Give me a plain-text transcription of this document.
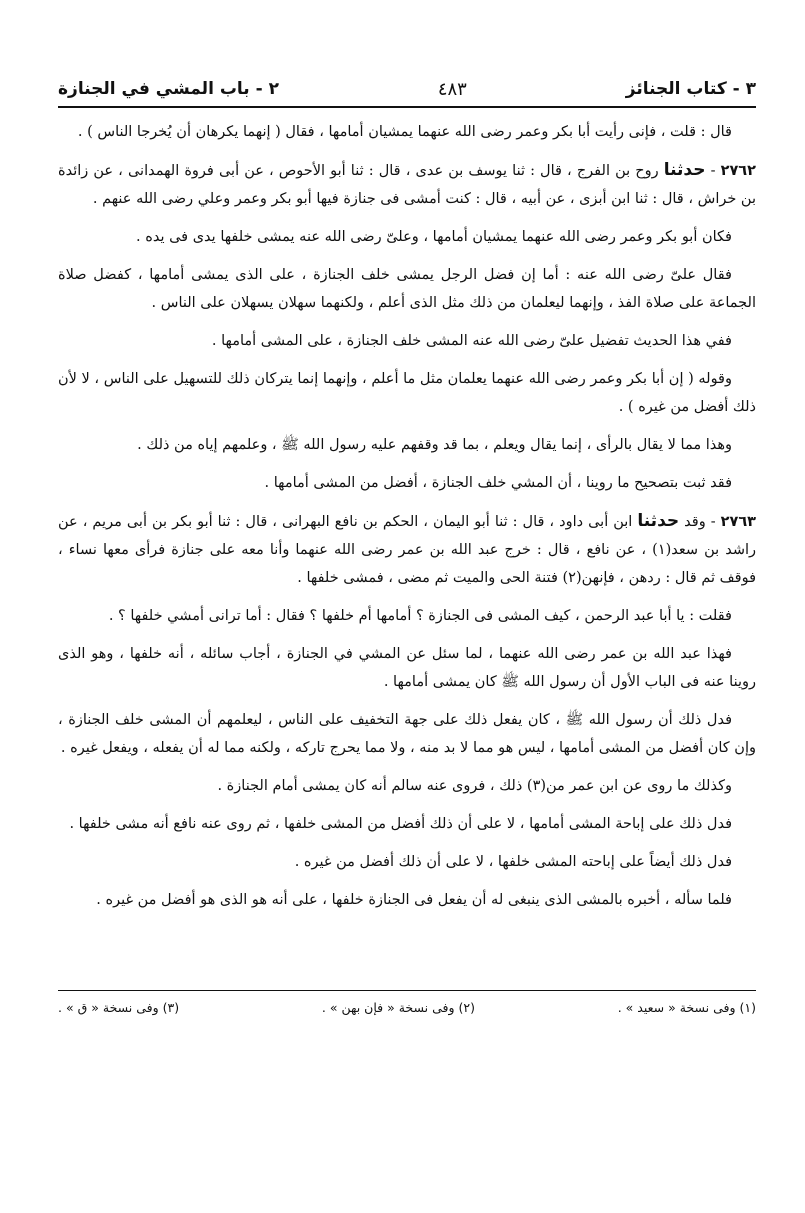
٣ - كتاب الجنائز
٤٨٣
٢ - باب المشي في الجنازة

قال : قلت ، فإنى رأيت أبا بكر وعمر رضى الله عنهما يمشيان أمامها ، فقال ( إنهما يكرهان أن يُخرجا الناس ) .

٢٧٦٢ - حدثنا روح بن الفرج ، قال : ثنا يوسف بن عدى ، قال : ثنا أبو الأحوص ، عن أبى فروة الهمدانى ، عن زائدة بن خراش ، قال : ثنا ابن أبزى ، عن أبيه ، قال : كنت أمشى فى جنازة فيها أبو بكر وعمر وعلي رضى الله عنهم .

فكان أبو بكر وعمر رضى الله عنهما يمشيان أمامها ، وعلىّ رضى الله عنه يمشى خلفها يدى فى يده .

فقال علىّ رضى الله عنه : أما إن فضل الرجل يمشى خلف الجنازة ، على الذى يمشى أمامها ، كفضل صلاة الجماعة على صلاة الفذ ، وإنهما ليعلمان من ذلك مثل الذى أعلم ، ولكنهما سهلان يسهلان على الناس .

ففي هذا الحديث تفضيل علىّ رضى الله عنه المشى خلف الجنازة ، على المشى أمامها .

وقوله ( إن أبا بكر وعمر رضى الله عنهما يعلمان مثل ما أعلم ، وإنهما إنما يتركان ذلك للتسهيل على الناس ، لا لأن ذلك أفضل من غيره ) .

وهذا مما لا يقال بالرأى ، إنما يقال ويعلم ، بما قد وقفهم عليه رسول الله ﷺ ، وعلمهم إياه من ذلك .

فقد ثبت بتصحيح ما روينا ، أن المشي خلف الجنازة ، أفضل من المشى أمامها .

٢٧٦٣ - وقد حدثنا ابن أبى داود ، قال : ثنا أبو اليمان ، الحكم بن نافع البهرانى ، قال : ثنا أبو بكر بن أبى مريم ، عن راشد بن سعد(١) ، عن نافع ، قال : خرج عبد الله بن عمر رضى الله عنهما وأنا معه على جنازة فرأى معها نساء ، فوقف ثم قال : ردهن ، فإنهن(٢) فتنة الحى والميت ثم مضى ، فمشى خلفها .

فقلت : يا أبا عبد الرحمن ، كيف المشى فى الجنازة ؟ أمامها أم خلفها ؟ فقال : أما ترانى أمشي خلفها ؟ .

فهذا عبد الله بن عمر رضى الله عنهما ، لما سئل عن المشي في الجنازة ، أجاب سائله ، أنه خلفها ، وهو الذى روينا عنه فى الباب الأول أن رسول الله ﷺ كان يمشى أمامها .

فدل ذلك أن رسول الله ﷺ ، كان يفعل ذلك على جهة التخفيف على الناس ، ليعلمهم أن المشى خلف الجنازة ، وإن كان أفضل من المشى أمامها ، ليس هو مما لا بد منه ، ولا مما يحرج تاركه ، ولكنه مما له أن يفعله ، ويفعل غيره .

وكذلك ما روى عن ابن عمر من(٣) ذلك ، فروى عنه سالم أنه كان يمشى أمام الجنازة .

فدل ذلك على إباحة المشى أمامها ، لا على أن ذلك أفضل من المشى خلفها ، ثم روى عنه نافع أنه مشى خلفها .

فدل ذلك أيضاً على إباحته المشى خلفها ، لا على أن ذلك أفضل من غيره .

فلما سأله ، أخبره بالمشى الذى ينبغى له أن يفعل فى الجنازة خلفها ، على أنه هو الذى هو أفضل من غيره .

(١) وفى نسخة « سعيد » .
(٢) وفى نسخة « فإن بهن » .
(٣) وفى نسخة « ق » .
